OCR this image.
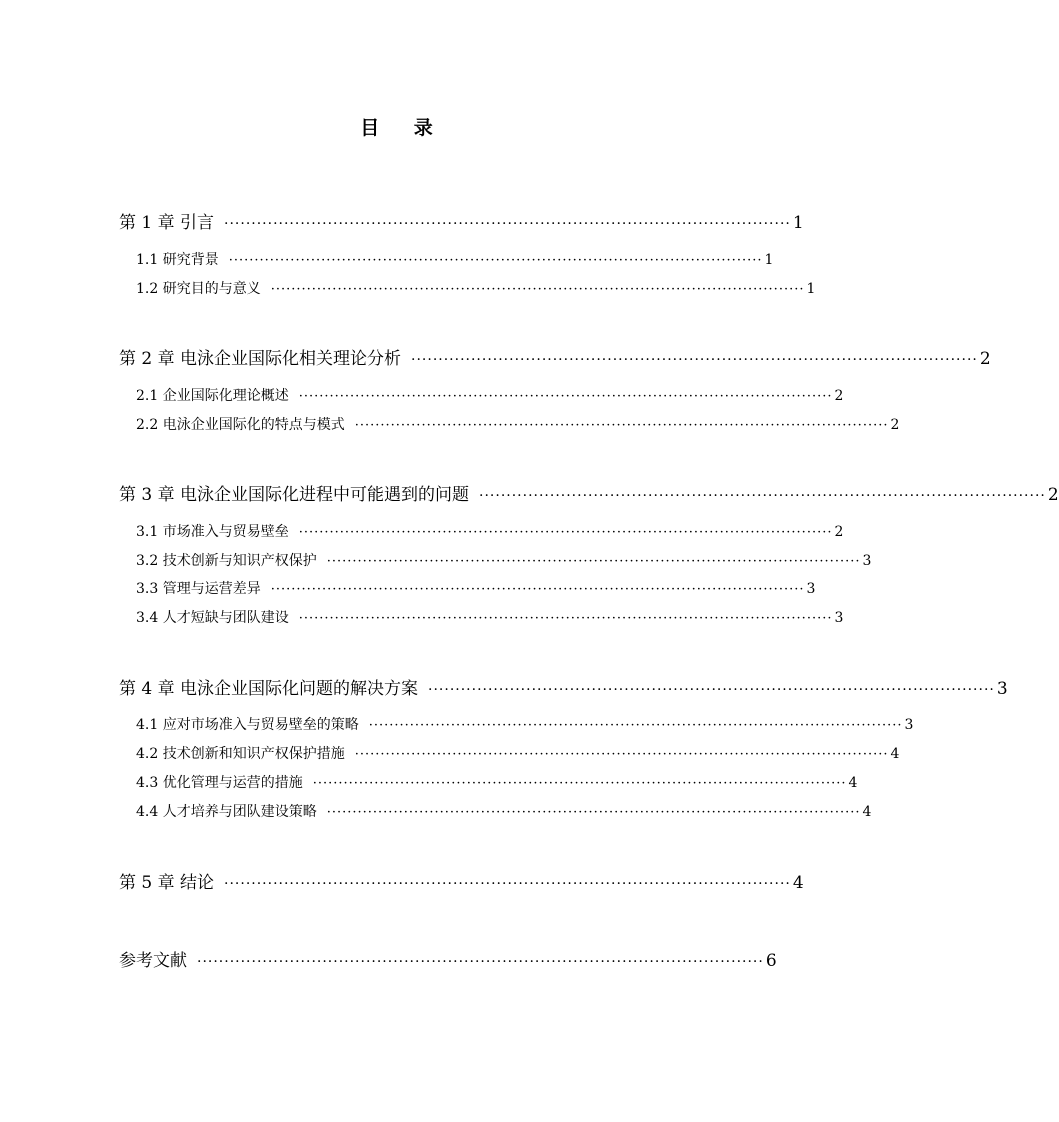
目 录
第 1 章 引言 ········································································································ 1
1.1 研究背景 ········································································································ 1
1.2 研究目的与意义 ········································································································ 1
第 2 章 电泳企业国际化相关理论分析 ········································································································ 2
2.1 企业国际化理论概述 ········································································································ 2
2.2 电泳企业国际化的特点与模式 ········································································································ 2
第 3 章 电泳企业国际化进程中可能遇到的问题 ········································································································ 2
3.1 市场准入与贸易壁垒 ········································································································ 2
3.2 技术创新与知识产权保护 ········································································································ 3
3.3 管理与运营差异 ········································································································ 3
3.4 人才短缺与团队建设 ········································································································ 3
第 4 章 电泳企业国际化问题的解决方案 ········································································································ 3
4.1 应对市场准入与贸易壁垒的策略 ········································································································ 3
4.2 技术创新和知识产权保护措施 ········································································································ 4
4.3 优化管理与运营的措施 ········································································································ 4
4.4 人才培养与团队建设策略 ········································································································ 4
第 5 章 结论 ········································································································ 4
参考文献 ········································································································ 6
